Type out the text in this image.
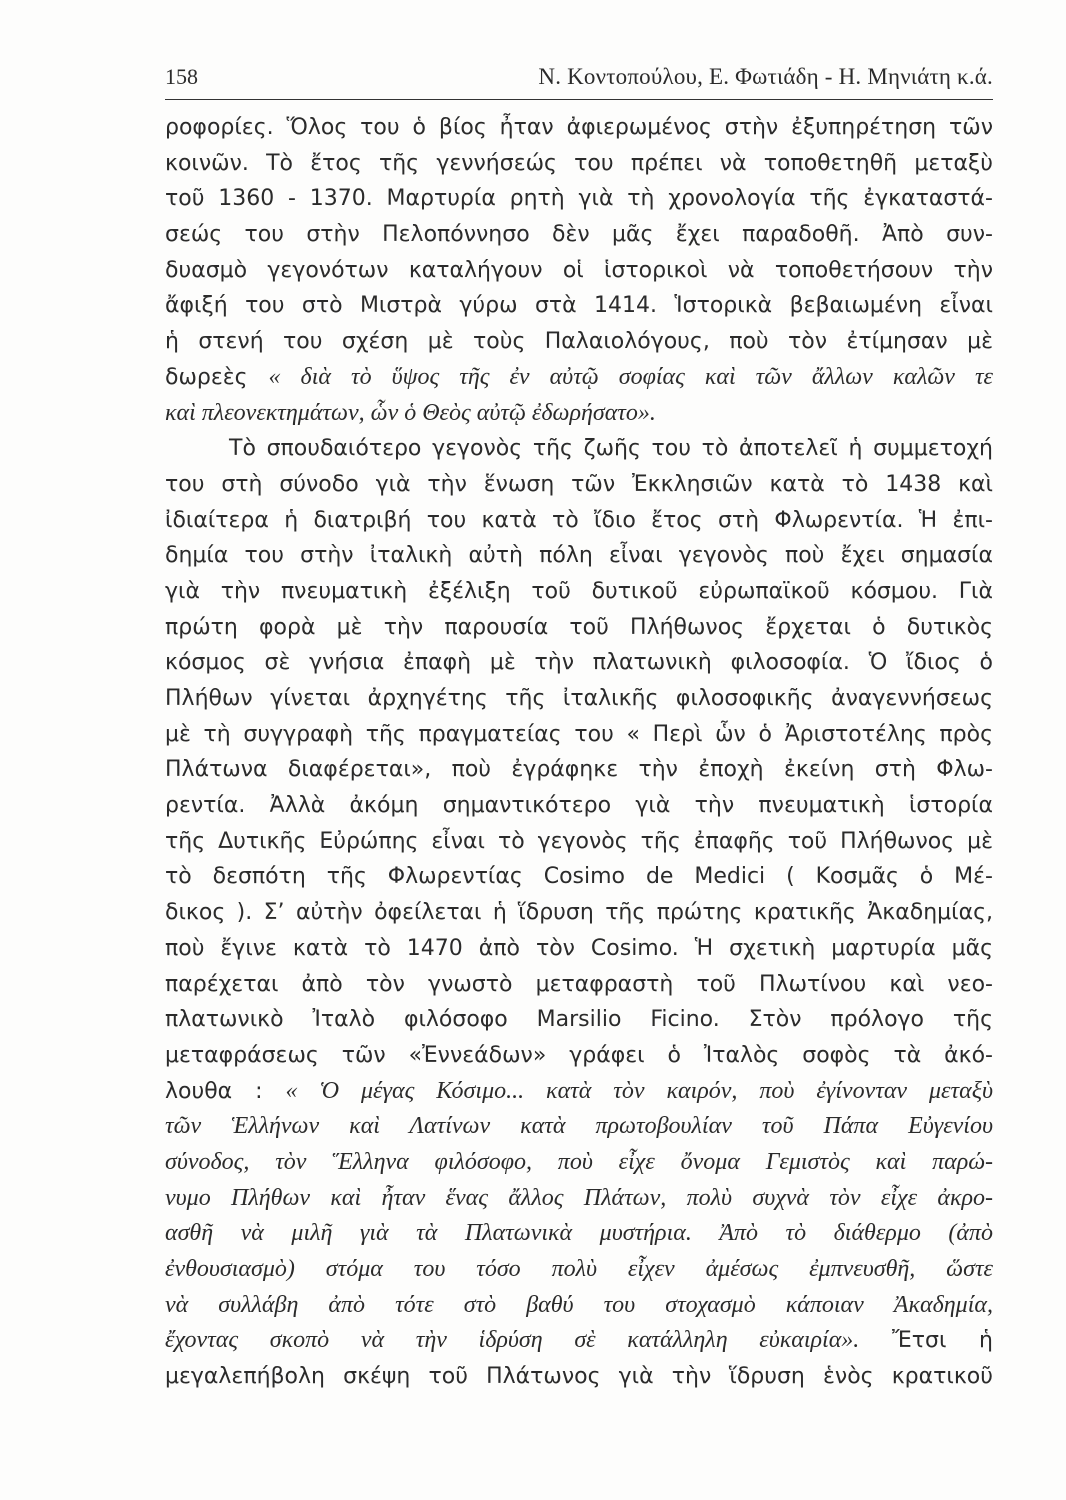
158	Ν. Κοντοπούλου, Ε. Φωτιάδη - Η. Μηνιάτη κ.ά.
ροφορίες. Ὅλος του ὁ βίος ἦταν ἀφιερωμένος στὴν ἐξυπηρέτηση τῶν
κοινῶν. Τὸ ἔτος τῆς γεννήσεώς του πρέπει νὰ τοποθετηθῆ μεταξὺ
τοῦ 1360 - 1370. Μαρτυρία ρητὴ γιὰ τὴ χρονολογία τῆς ἐγκαταστά-
σεώς του στὴν Πελοπόννησο δὲν μᾶς ἔχει παραδοθῆ. Ἀπὸ συν-
δυασμὸ γεγονότων καταλήγουν οἱ ἱστορικοὶ νὰ τοποθετήσουν τὴν
ἄφιξή του στὸ Μιστρὰ γύρω στὰ 1414. Ἱστορικὰ βεβαιωμένη εἶναι
ἡ στενή του σχέση μὲ τοὺς Παλαιολόγους, ποὺ τὸν ἐτίμησαν μὲ
δωρεὲς « διὰ τὸ ὕψος τῆς ἐν αὐτῷ σοφίας καὶ τῶν ἄλλων καλῶν τε
καὶ πλεονεκτημάτων, ὧν ὁ Θεὸς αὐτῷ ἐδωρήσατο».
Τὸ σπουδαιότερο γεγονὸς τῆς ζωῆς του τὸ ἀποτελεῖ ἡ συμμετοχή
του στὴ σύνοδο γιὰ τὴν ἕνωση τῶν Ἐκκλησιῶν κατὰ τὸ 1438 καὶ
ἰδιαίτερα ἡ διατριβή του κατὰ τὸ ἴδιο ἔτος στὴ Φλωρεντία. Ἡ ἐπι-
δημία του στὴν ἰταλικὴ αὐτὴ πόλη εἶναι γεγονὸς ποὺ ἔχει σημασία
γιὰ τὴν πνευματικὴ ἐξέλιξη τοῦ δυτικοῦ εὐρωπαϊκοῦ κόσμου. Γιὰ
πρώτη φορὰ μὲ τὴν παρουσία τοῦ Πλήθωνος ἔρχεται ὁ δυτικὸς
κόσμος σὲ γνήσια ἐπαφὴ μὲ τὴν πλατωνικὴ φιλοσοφία. Ὁ ἴδιος ὁ
Πλήθων γίνεται ἀρχηγέτης τῆς ἰταλικῆς φιλοσοφικῆς ἀναγεννήσεως
μὲ τὴ συγγραφὴ τῆς πραγματείας του « Περὶ ὧν ὁ Ἀριστοτέλης πρὸς
Πλάτωνα διαφέρεται», ποὺ ἐγράφηκε τὴν ἐποχὴ ἐκείνη στὴ Φλω-
ρεντία. Ἀλλὰ ἀκόμη σημαντικότερο γιὰ τὴν πνευματικὴ ἱστορία
τῆς Δυτικῆς Εὐρώπης εἶναι τὸ γεγονὸς τῆς ἐπαφῆς τοῦ Πλήθωνος μὲ
τὸ δεσπότη τῆς Φλωρεντίας Cosimo de Medici ( Κοσμᾶς ὁ Μέ-
δικος ). Σ’ αὐτὴν ὀφείλεται ἡ ἵδρυση τῆς πρώτης κρατικῆς Ἀκαδημίας,
ποὺ ἔγινε κατὰ τὸ 1470 ἀπὸ τὸν Cosimo. Ἡ σχετικὴ μαρτυρία μᾶς
παρέχεται ἀπὸ τὸν γνωστὸ μεταφραστὴ τοῦ Πλωτίνου καὶ νεο-
πλατωνικὸ Ἰταλὸ φιλόσοφο Marsilio Ficino. Στὸν πρόλογο τῆς
μεταφράσεως τῶν «Ἐννεάδων» γράφει ὁ Ἰταλὸς σοφὸς τὰ ἀκό-
λουθα : « Ὁ μέγας Κόσιμο... κατὰ τὸν καιρόν, ποὺ ἐγίνονταν μεταξὺ
τῶν Ἑλλήνων καὶ Λατίνων κατὰ πρωτοβουλίαν τοῦ Πάπα Εὐγενίου
σύνοδος, τὸν Ἕλληνα φιλόσοφο, ποὺ εἶχε ὄνομα Γεμιστὸς καὶ παρώ-
νυμο Πλήθων καὶ ἦταν ἕνας ἄλλος Πλάτων, πολὺ συχνὰ τὸν εἶχε ἀκρο-
ασθῆ νὰ μιλῆ γιὰ τὰ Πλατωνικὰ μυστήρια. Ἀπὸ τὸ διάθερμο (ἀπὸ
ἐνθουσιασμὸ) στόμα του τόσο πολὺ εἶχεν ἀμέσως ἐμπνευσθῆ, ὥστε
νὰ συλλάβη ἀπὸ τότε στὸ βαθύ του στοχασμὸ κάποιαν Ἀκαδημία,
ἔχοντας σκοπὸ νὰ τὴν ἱδρύση σὲ κατάλληλη εὐκαιρία». Ἔτσι ἡ
μεγαλεπήβολη σκέψη τοῦ Πλάτωνος γιὰ τὴν ἵδρυση ἑνὸς κρατικοῦ
